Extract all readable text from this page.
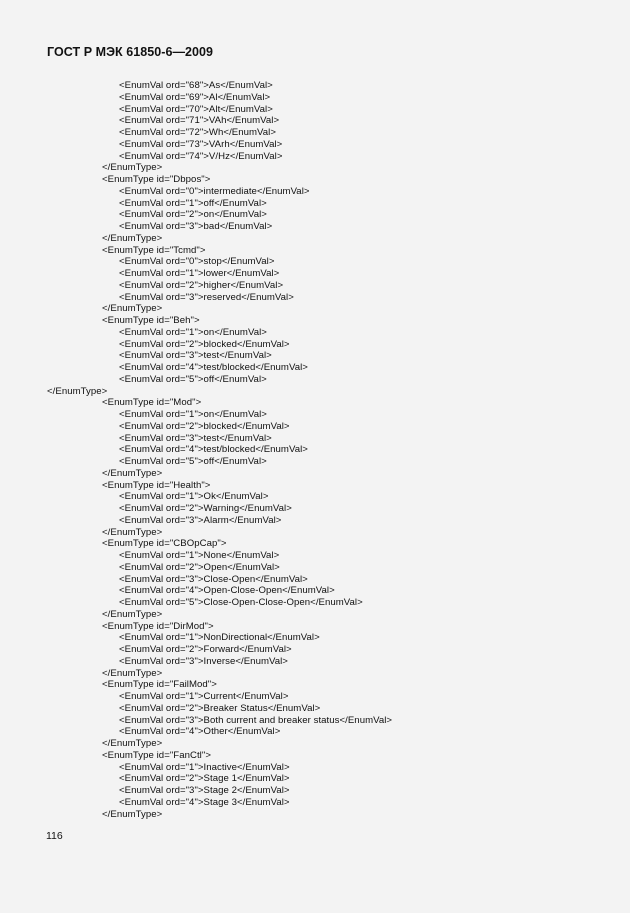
ГОСТ Р МЭК 61850-6—2009
<EnumVal ord="68">As</EnumVal>
<EnumVal ord="69">Al</EnumVal>
<EnumVal ord="70">Alt</EnumVal>
<EnumVal ord="71">VAh</EnumVal>
<EnumVal ord="72">Wh</EnumVal>
<EnumVal ord="73">VArh</EnumVal>
<EnumVal ord="74">V/Hz</EnumVal>
</EnumType>
<EnumType id="Dbpos">
<EnumVal ord="0">intermediate</EnumVal>
<EnumVal ord="1">off</EnumVal>
<EnumVal ord="2">on</EnumVal>
<EnumVal ord="3">bad</EnumVal>
</EnumType>
<EnumType id="Tcmd">
<EnumVal ord="0">stop</EnumVal>
<EnumVal ord="1">lower</EnumVal>
<EnumVal ord="2">higher</EnumVal>
<EnumVal ord="3">reserved</EnumVal>
</EnumType>
<EnumType id="Beh">
<EnumVal ord="1">on</EnumVal>
<EnumVal ord="2">blocked</EnumVal>
<EnumVal ord="3">test</EnumVal>
<EnumVal ord="4">test/blocked</EnumVal>
<EnumVal ord="5">off</EnumVal>
</EnumType>
<EnumType id="Mod">
<EnumVal ord="1">on</EnumVal>
<EnumVal ord="2">blocked</EnumVal>
<EnumVal ord="3">test</EnumVal>
<EnumVal ord="4">test/blocked</EnumVal>
<EnumVal ord="5">off</EnumVal>
</EnumType>
<EnumType id="Health">
<EnumVal ord="1">Ok</EnumVal>
<EnumVal ord="2">Warning</EnumVal>
<EnumVal ord="3">Alarm</EnumVal>
</EnumType>
<EnumType id="CBOpCap">
<EnumVal ord="1">None</EnumVal>
<EnumVal ord="2">Open</EnumVal>
<EnumVal ord="3">Close-Open</EnumVal>
<EnumVal ord="4">Open-Close-Open</EnumVal>
<EnumVal ord="5">Close-Open-Close-Open</EnumVal>
</EnumType>
<EnumType id="DirMod">
<EnumVal ord="1">NonDirectional</EnumVal>
<EnumVal ord="2">Forward</EnumVal>
<EnumVal ord="3">Inverse</EnumVal>
</EnumType>
<EnumType id="FailMod">
<EnumVal ord="1">Current</EnumVal>
<EnumVal ord="2">Breaker Status</EnumVal>
<EnumVal ord="3">Both current and breaker status</EnumVal>
<EnumVal ord="4">Other</EnumVal>
</EnumType>
<EnumType id="FanCtl">
<EnumVal ord="1">Inactive</EnumVal>
<EnumVal ord="2">Stage 1</EnumVal>
<EnumVal ord="3">Stage 2</EnumVal>
<EnumVal ord="4">Stage 3</EnumVal>
</EnumType>
116
